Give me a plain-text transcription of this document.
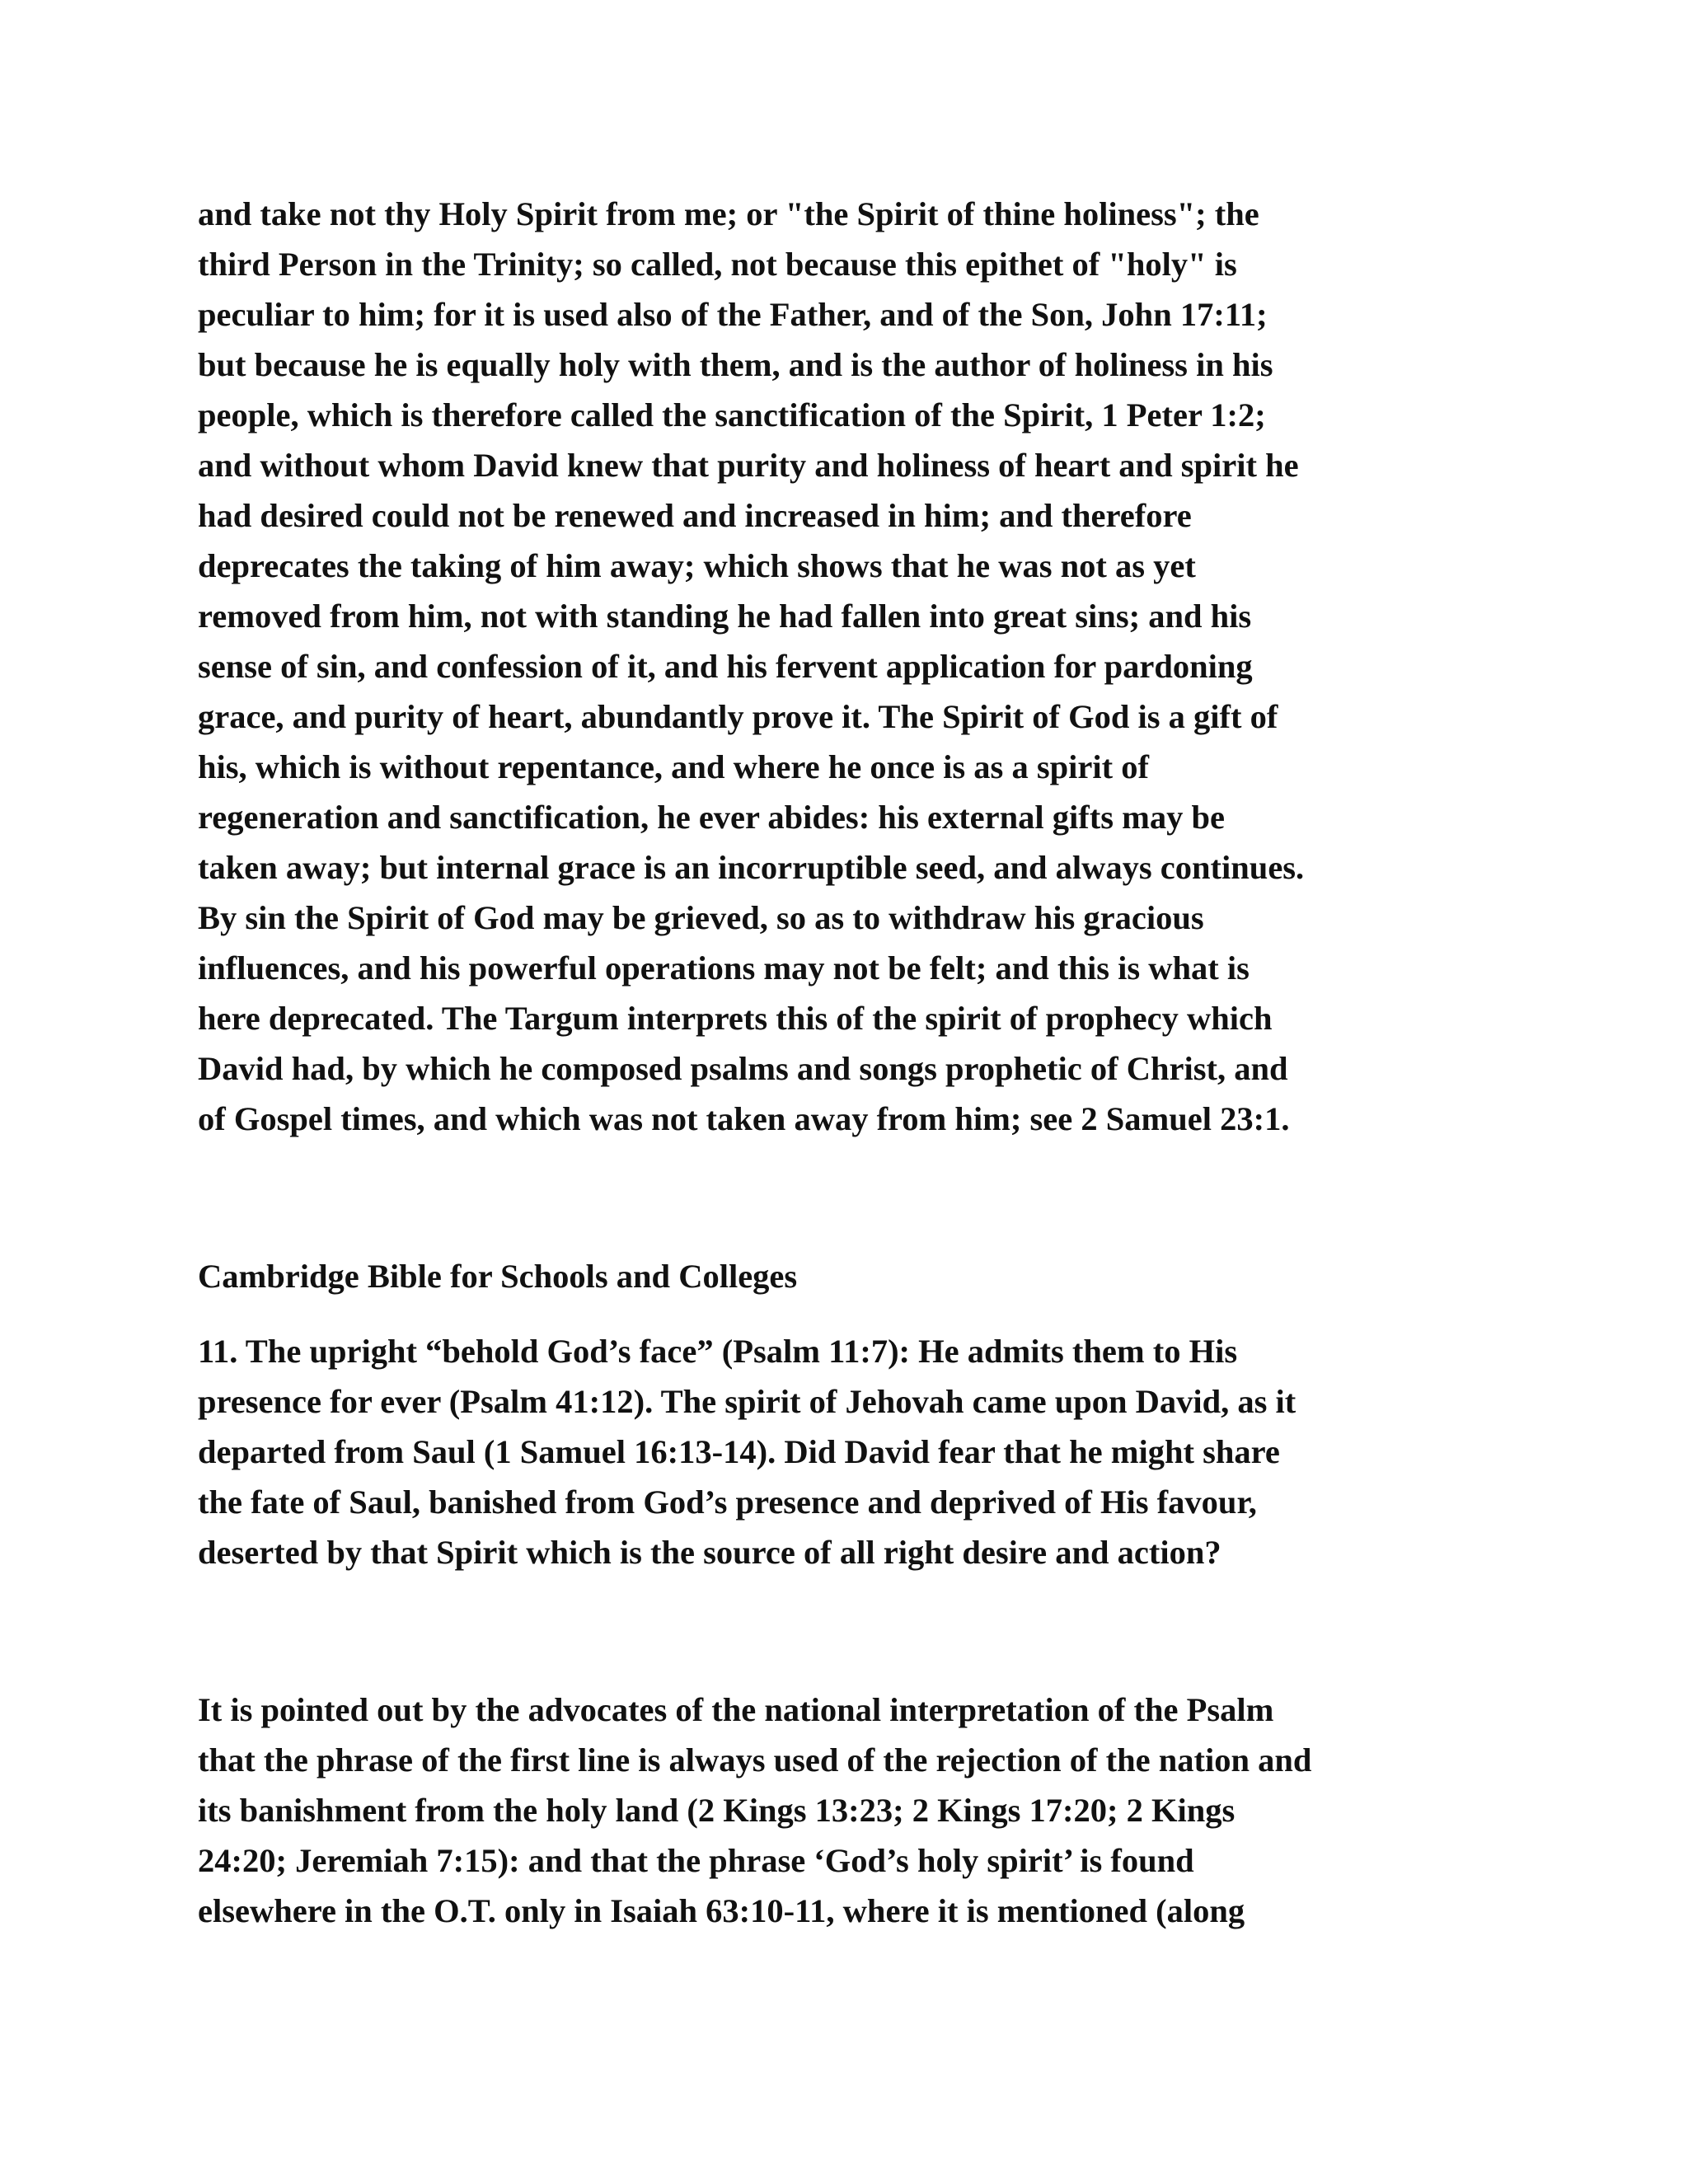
and take not thy Holy Spirit from me; or "the Spirit of thine holiness"; the

third Person in the Trinity; so called, not because this epithet of "holy" is

peculiar to him; for it is used also of the Father, and of the Son, John 17:11;

but because he is equally holy with them, and is the author of holiness in his

people, which is therefore called the sanctification of the Spirit, 1 Peter 1:2;

and without whom David knew that purity and holiness of heart and spirit he

had desired could not be renewed and increased in him; and therefore

deprecates the taking of him away; which shows that he was not as yet

removed from him, not with standing he had fallen into great sins; and his

sense of sin, and confession of it, and his fervent application for pardoning

grace, and purity of heart, abundantly prove it. The Spirit of God is a gift of

his, which is without repentance, and where he once is as a spirit of

regeneration and sanctification, he ever abides: his external gifts may be

taken away; but internal grace is an incorruptible seed, and always continues.

By sin the Spirit of God may be grieved, so as to withdraw his gracious

influences, and his powerful operations may not be felt; and this is what is

here deprecated. The Targum interprets this of the spirit of prophecy which

David had, by which he composed psalms and songs prophetic of Christ, and

of Gospel times, and which was not taken away from him; see 2 Samuel 23:1.

Cambridge Bible for Schools and Colleges

11. The upright “behold God’s face” (Psalm 11:7): He admits them to His

presence for ever (Psalm 41:12). The spirit of Jehovah came upon David, as it

departed from Saul (1 Samuel 16:13-14). Did David fear that he might share

the fate of Saul, banished from God’s presence and deprived of His favour,

deserted by that Spirit which is the source of all right desire and action?

It is pointed out by the advocates of the national interpretation of the Psalm

that the phrase of the first line is always used of the rejection of the nation and

its banishment from the holy land (2 Kings 13:23; 2 Kings 17:20; 2 Kings

24:20; Jeremiah 7:15): and that the phrase ‘God’s holy spirit’ is found

elsewhere in the O.T. only in Isaiah 63:10-11, where it is mentioned (along
